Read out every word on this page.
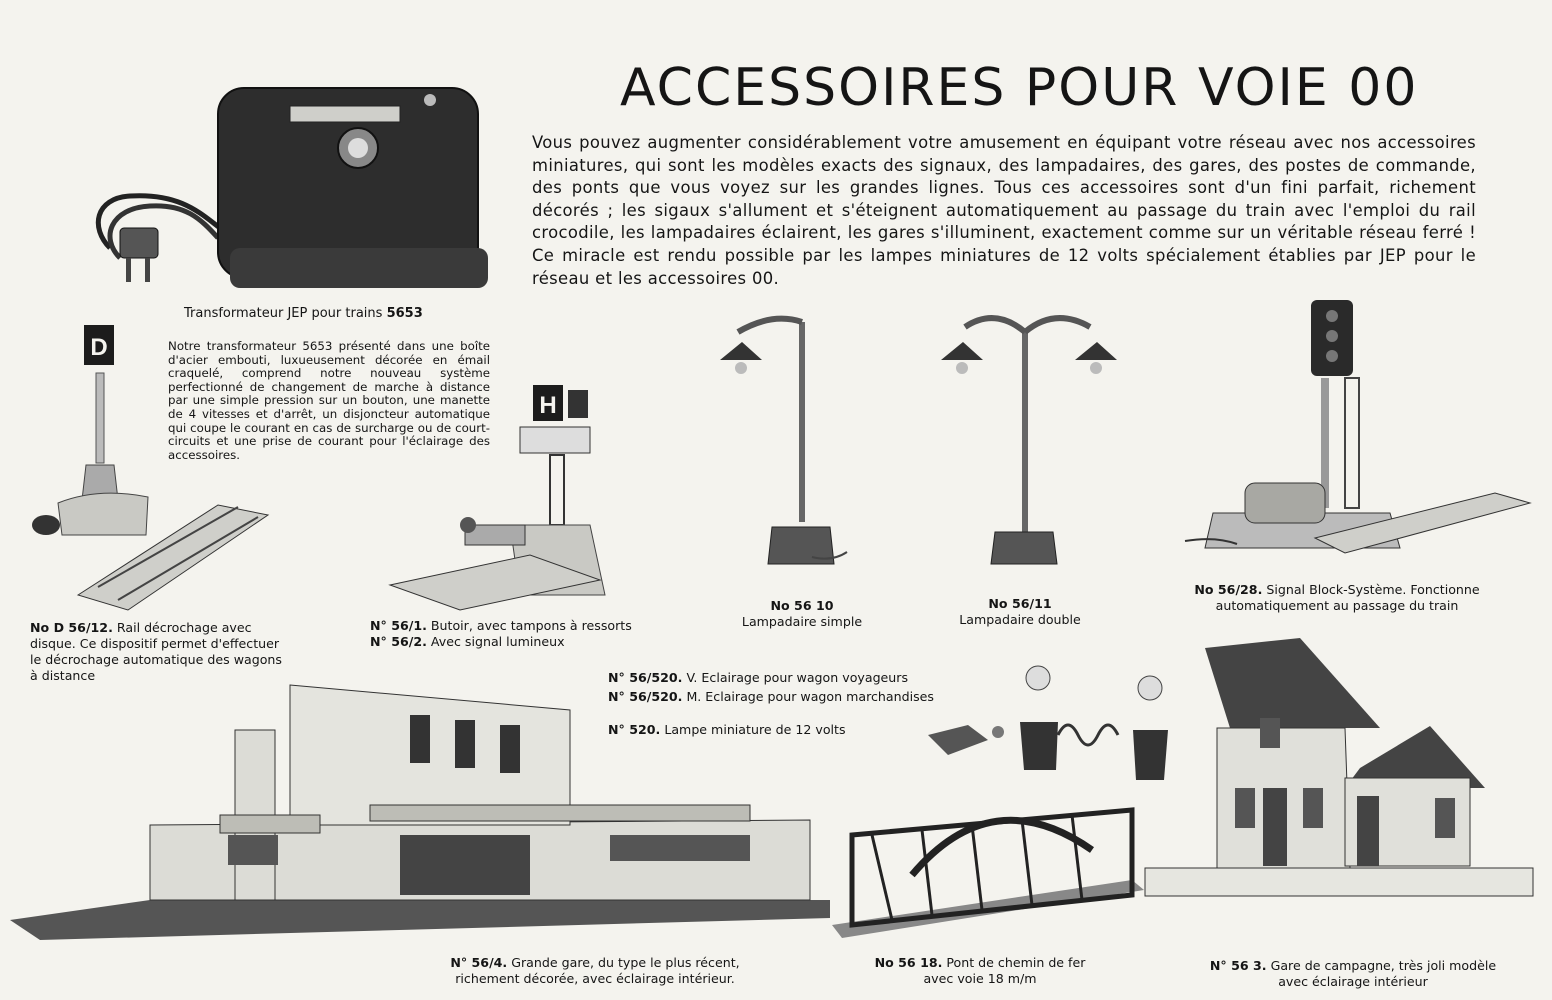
ACCESSOIRES POUR VOIE 00
Vous pouvez augmenter considérablement votre amusement en équipant votre réseau avec nos accessoires miniatures, qui sont les modèles exacts des signaux, des lampadaires, des gares, des postes de commande, des ponts que vous voyez sur les grandes lignes. Tous ces accessoires sont d'un fini parfait, richement décorés ; les sigaux s'allument et s'éteignent automatiquement au passage du train avec l'emploi du rail crocodile, les lampadaires éclairent, les gares s'illuminent, exactement comme sur un véritable réseau ferré ! Ce miracle est rendu possible par les lampes miniatures de 12 volts spécialement établies par JEP pour le réseau et les accessoires 00.
Transformateur JEP pour trains 5653
Notre transformateur 5653 présenté dans une boîte d'acier embouti, luxueusement décorée en émail craquelé, comprend notre nouveau système perfectionné de changement de marche à distance par une simple pression sur un bouton, une manette de 4 vitesses et d'arrêt, un disjoncteur automatique qui coupe le courant en cas de surcharge ou de court-circuits et une prise de courant pour l'éclairage des accessoires.
D
No D 56/12. Rail décrochage avec disque. Ce dispositif permet d'effectuer le décrochage automatique des wagons à distance
H
N° 56/1. Butoir, avec tampons à ressorts
N° 56/2. Avec signal lumineux
No 56 10
Lampadaire simple
No 56/11
Lampadaire double
No 56/28. Signal Block-Système. Fonctionne
automatiquement au passage du train
N° 56/520. V. Eclairage pour wagon voyageurs
N° 56/520. M. Eclairage pour wagon marchandises
N° 520. Lampe miniature de 12 volts
N° 56/4. Grande gare, du type le plus récent,
richement décorée, avec éclairage intérieur.
No 56 18. Pont de chemin de fer
avec voie 18 m/m
N° 56 3. Gare de campagne, très joli modèle
avec éclairage intérieur
